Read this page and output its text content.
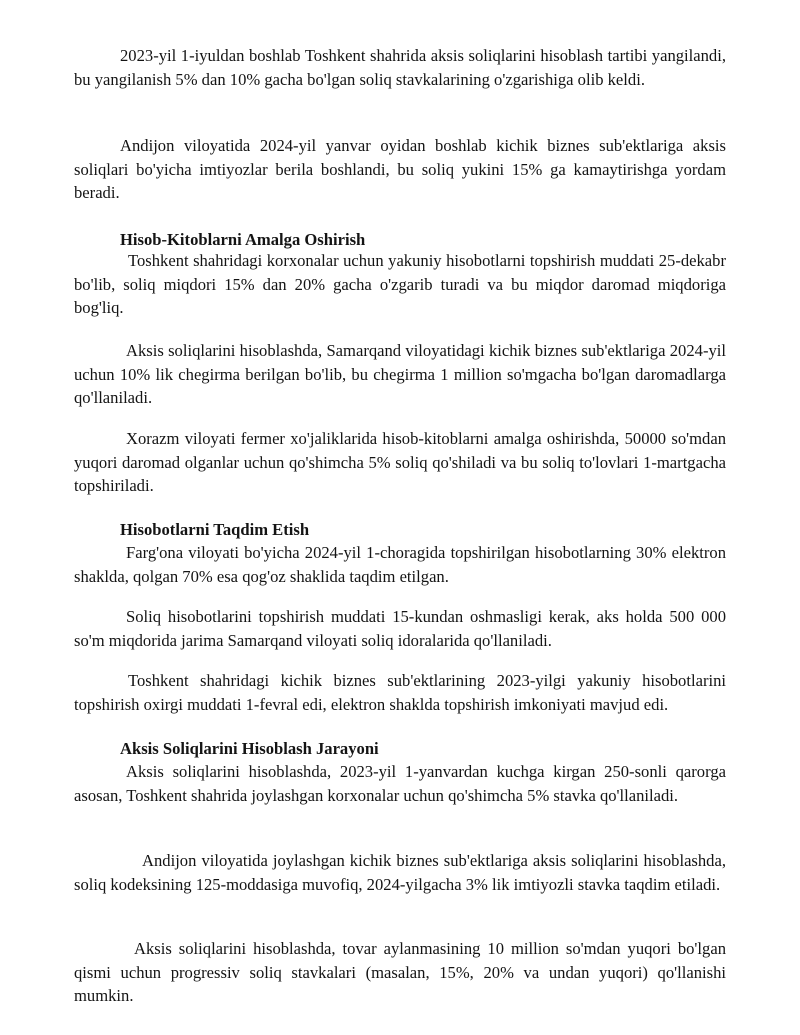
2023-yil 1-iyuldan boshlab Toshkent shahrida aksis soliqlarini hisoblash tartibi yangilandi, bu yangilanish 5% dan 10% gacha bo'lgan soliq stavkalarining o'zgarishiga olib keldi.

Andijon viloyatida 2024-yil yanvar oyidan boshlab kichik biznes sub'ektlariga aksis soliqlari bo'yicha imtiyozlar berila boshlandi, bu soliq yukini 15% ga kamaytirishga yordam beradi.

Hisob-Kitoblarni Amalga Oshirish

Toshkent shahridagi korxonalar uchun yakuniy hisobotlarni topshirish muddati 25-dekabr bo'lib, soliq miqdori 15% dan 20% gacha o'zgarib turadi va bu miqdor daromad miqdoriga bog'liq.

Aksis soliqlarini hisoblashda, Samarqand viloyatidagi kichik biznes sub'ektlariga 2024-yil uchun 10% lik chegirma berilgan bo'lib, bu chegirma 1 million so'mgacha bo'lgan daromadlarga qo'llaniladi.

Xorazm viloyati fermer xo'jaliklarida hisob-kitoblarni amalga oshirishda, 50000 so'mdan yuqori daromad olganlar uchun qo'shimcha 5% soliq qo'shiladi va bu soliq to'lovlari 1-martgacha topshiriladi.

Hisobotlarni Taqdim Etish

Farg'ona viloyati bo'yicha 2024-yil 1-choragida topshirilgan hisobotlarning 30% elektron shaklda, qolgan 70% esa qog'oz shaklida taqdim etilgan.

Soliq hisobotlarini topshirish muddati 15-kundan oshmasligi kerak, aks holda 500 000 so'm miqdorida jarima Samarqand viloyati soliq idoralarida qo'llaniladi.

Toshkent shahridagi kichik biznes sub'ektlarining 2023-yilgi yakuniy hisobotlarini topshirish oxirgi muddati 1-fevral edi, elektron shaklda topshirish imkoniyati mavjud edi.

Aksis Soliqlarini Hisoblash Jarayoni

Aksis soliqlarini hisoblashda, 2023-yil 1-yanvardan kuchga kirgan 250-sonli qarorga asosan, Toshkent shahrida joylashgan korxonalar uchun qo'shimcha 5% stavka qo'llaniladi.

Andijon viloyatida joylashgan kichik biznes sub'ektlariga aksis soliqlarini hisoblashda, soliq kodeksining 125-moddasiga muvofiq, 2024-yilgacha 3% lik imtiyozli stavka taqdim etiladi.

Aksis soliqlarini hisoblashda, tovar aylanmasining 10 million so'mdan yuqori bo'lgan qismi uchun progressiv soliq stavkalari (masalan, 15%, 20% va undan yuqori) qo'llanishi mumkin.
